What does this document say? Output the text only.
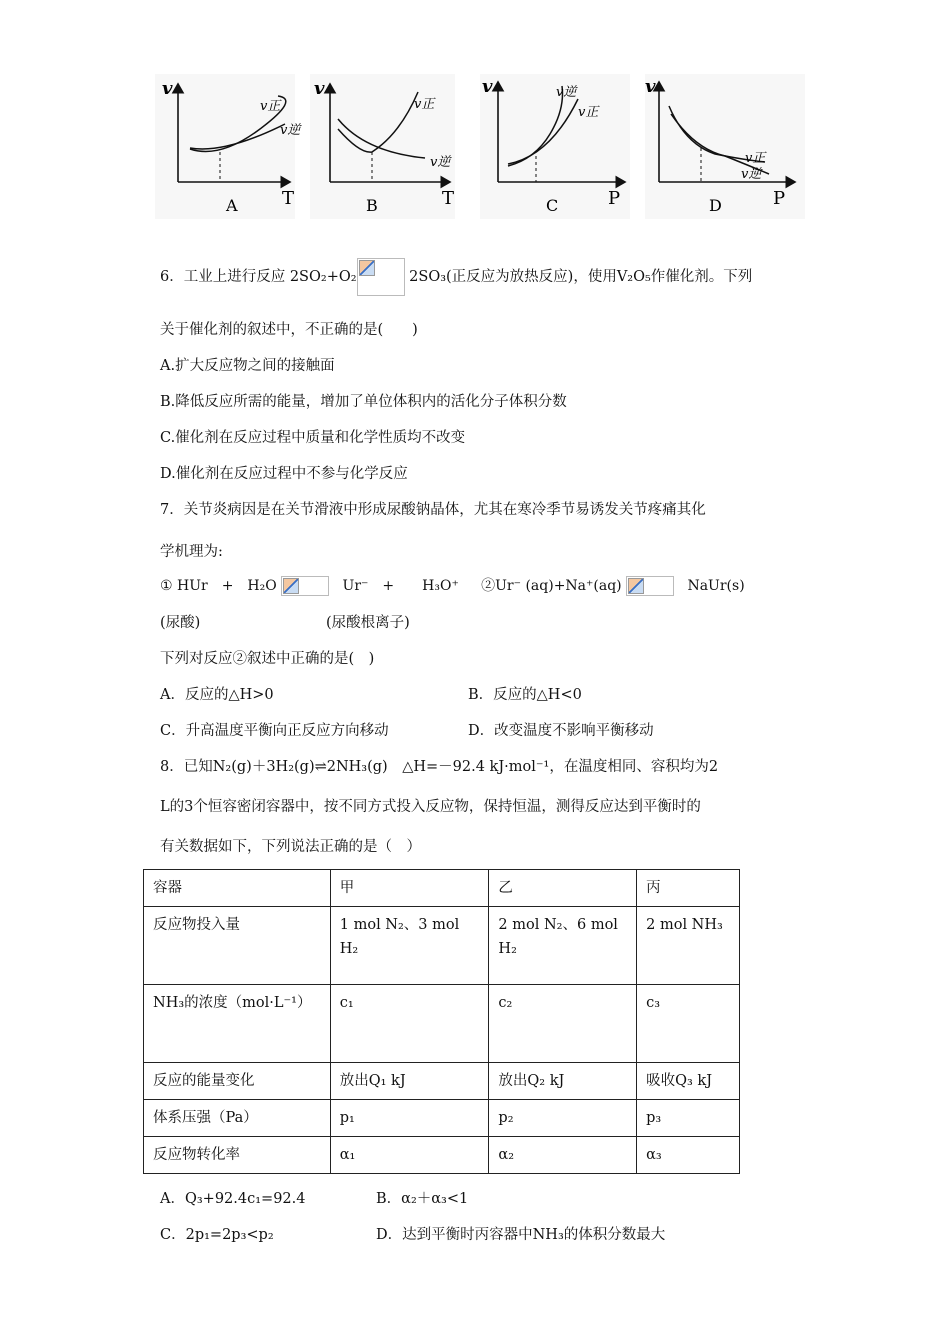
v
v正
v逆
A T
v
v正
v逆
B	T
v	v逆
v正
C	P
v
v正
v逆
D	P
6．工业上进行反应 2SO₂+O₂	2SO₃(正反应为放热反应)，使用V₂O₅作催化剂。下列
关于催化剂的叙述中，不正确的是(　　)
A.扩大反应物之间的接触面
B.降低反应所需的能量，增加了单位体积内的活化分子体积分数
C.催化剂在反应过程中质量和化学性质均不改变
D.催化剂在反应过程中不参与化学反应
7．关节炎病因是在关节滑液中形成尿酸钠晶体，尤其在寒冷季节易诱发关节疼痛其化
学机理为:
① HUr　+　H₂O	Ur⁻　+　　H₃O⁺ ②Ur⁻ (aq)+Na⁺(aq)	NaUr(s)
(尿酸)	(尿酸根离子)
下列对反应②叙述中正确的是(　)
A．反应的△H>0	B．反应的△H<0
C．升高温度平衡向正反应方向移动	D．改变温度不影响平衡移动
8．已知N₂(g)＋3H₂(g)⇌2NH₃(g)　△H=－92.4 kJ·mol⁻¹，在温度相同、容积均为2
L的3个恒容密闭容器中，按不同方式投入反应物，保持恒温，测得反应达到平衡时的
有关数据如下，下列说法正确的是（　）
容器	甲	乙	丙
反应物投入量	1 mol N₂、3 mol H₂	2 mol N₂、6 mol H₂	2 mol NH₃
NH₃的浓度（mol·L⁻¹）	c₁	c₂	c₃
反应的能量变化	放出Q₁ kJ	放出Q₂ kJ	吸收Q₃ kJ
体系压强（Pa）	p₁	p₂	p₃
反应物转化率	α₁	α₂	α₃
A．Q₃+92.4c₁=92.4	B．α₂＋α₃<1
C．2p₁=2p₃<p₂	D．达到平衡时丙容器中NH₃的体积分数最大
